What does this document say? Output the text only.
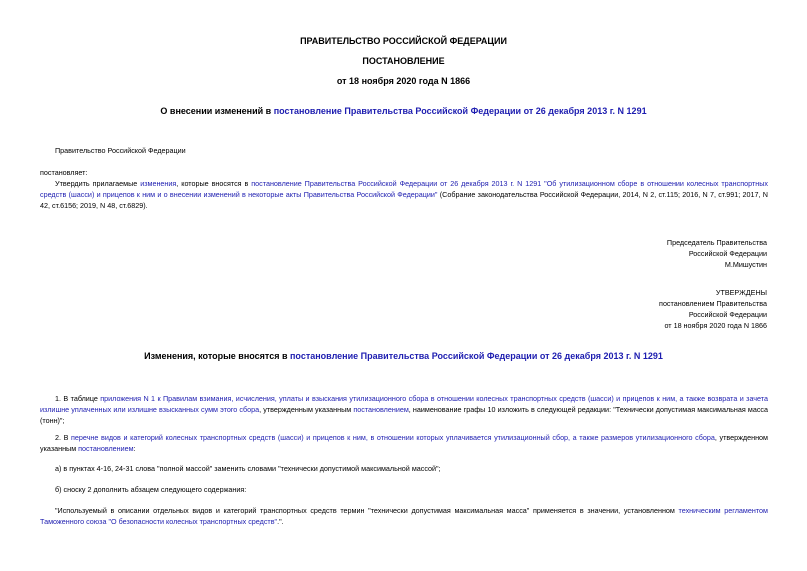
ПРАВИТЕЛЬСТВО РОССИЙСКОЙ ФЕДЕРАЦИИ
ПОСТАНОВЛЕНИЕ
от 18 ноября 2020 года N 1866
О внесении изменений в постановление Правительства Российской Федерации от 26 декабря 2013 г. N 1291
Правительство Российской Федерации
постановляет:
Утвердить прилагаемые изменения, которые вносятся в постановление Правительства Российской Федерации от 26 декабря 2013 г. N 1291 "Об утилизационном сборе в отношении колесных транспортных средств (шасси) и прицепов к ним и о внесении изменений в некоторые акты Правительства Российской Федерации" (Собрание законодательства Российской Федерации, 2014, N 2, ст.115; 2016, N 7, ст.991; 2017, N 42, ст.6156; 2019, N 48, ст.6829).
Председатель Правительства
Российской Федерации
М.Мишустин
УТВЕРЖДЕНЫ
постановлением Правительства
Российской Федерации
от 18 ноября 2020 года N 1866
Изменения, которые вносятся в постановление Правительства Российской Федерации от 26 декабря 2013 г. N 1291
1. В таблице приложения N 1 к Правилам взимания, исчисления, уплаты и взыскания утилизационного сбора в отношении колесных транспортных средств (шасси) и прицепов к ним, а также возврата и зачета излишне уплаченных или излишне взысканных сумм этого сбора, утвержденным указанным постановлением, наименование графы 10 изложить в следующей редакции: "Технически допустимая максимальная масса (тонн)";
2. В перечне видов и категорий колесных транспортных средств (шасси) и прицепов к ним, в отношении которых уплачивается утилизационный сбор, а также размеров утилизационного сбора, утвержденном указанным постановлением:
а) в пунктах 4-16, 24-31 слова "полной массой" заменить словами "технически допустимой максимальной массой";
б) сноску 2 дополнить абзацем следующего содержания:
"Используемый в описании отдельных видов и категорий транспортных средств термин "технически допустимая максимальная масса" применяется в значении, установленном техническим регламентом Таможенного союза "О безопасности колесных транспортных средств".".
